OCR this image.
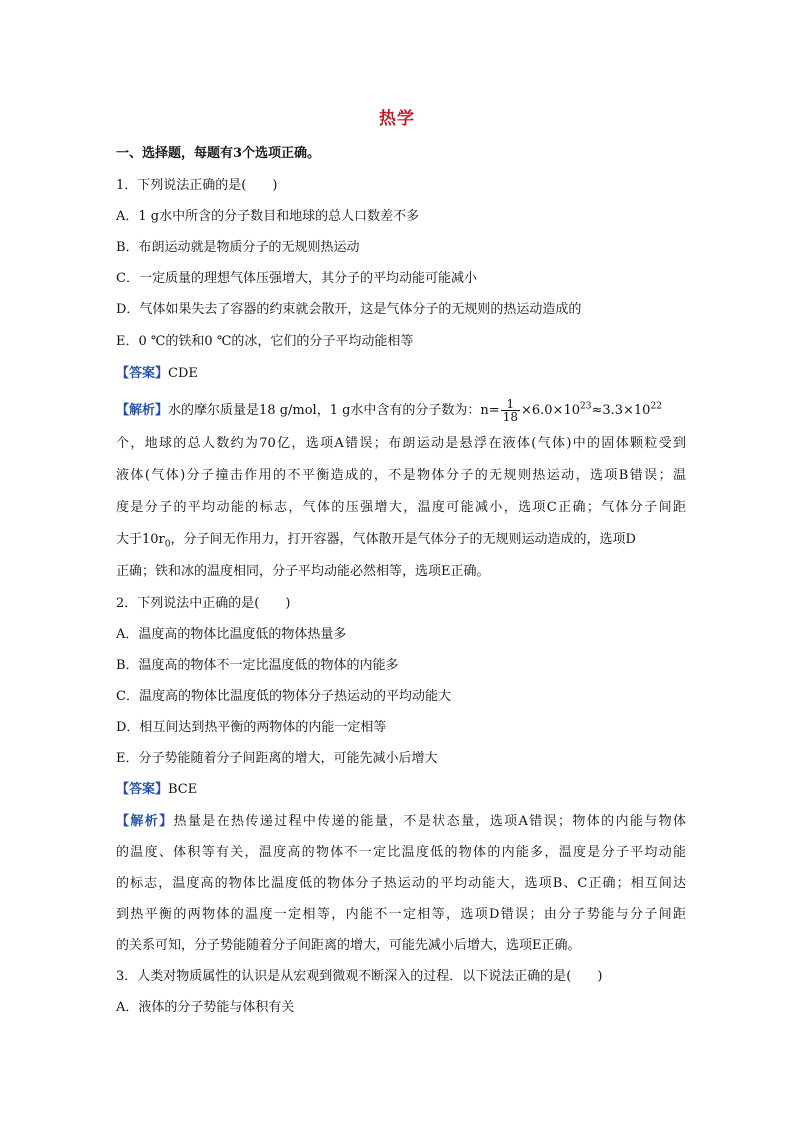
热学
一、选择题，每题有3个选项正确。
1．下列说法正确的是(　　)
A．1 g水中所含的分子数目和地球的总人口数差不多
B．布朗运动就是物质分子的无规则热运动
C．一定质量的理想气体压强增大，其分子的平均动能可能减小
D．气体如果失去了容器的约束就会散开，这是气体分子的无规则的热运动造成的
E．0 ℃的铁和0 ℃的冰，它们的分子平均动能相等
【答案】CDE
【解析】水的摩尔质量是18 g/mol，1 g水中含有的分子数为：$n= \frac{1}{18} \times 6.0\times 10^{23}\approx 3.3\times 10^{22}$
个，地球的总人数约为70亿，选项A错误；布朗运动是悬浮在液体(气体)中的固体颗粒受到
液体(气体)分子撞击作用的不平衡造成的，不是物体分子的无规则热运动，选项B错误；温
度是分子的平均动能的标志，气体的压强增大，温度可能减小，选项C正确；气体分子间距
大于$10r_0$，分子间无作用力，打开容器，气体散开是气体分子的无规则运动造成的，选项D
正确；铁和冰的温度相同，分子平均动能必然相等，选项E正确。
2．下列说法中正确的是(　　)
A．温度高的物体比温度低的物体热量多
B．温度高的物体不一定比温度低的物体的内能多
C．温度高的物体比温度低的物体分子热运动的平均动能大
D．相互间达到热平衡的两物体的内能一定相等
E．分子势能随着分子间距离的增大，可能先减小后增大
【答案】BCE
【解析】热量是在热传递过程中传递的能量，不是状态量，选项A错误；物体的内能与物体
的温度、体积等有关，温度高的物体不一定比温度低的物体的内能多，温度是分子平均动能
的标志，温度高的物体比温度低的物体分子热运动的平均动能大，选项B、C正确；相互间达
到热平衡的两物体的温度一定相等，内能不一定相等，选项D错误；由分子势能与分子间距
的关系可知，分子势能随着分子间距离的增大，可能先减小后增大，选项E正确。
3．人类对物质属性的认识是从宏观到微观不断深入的过程．以下说法正确的是(　　)
A．液体的分子势能与体积有关
